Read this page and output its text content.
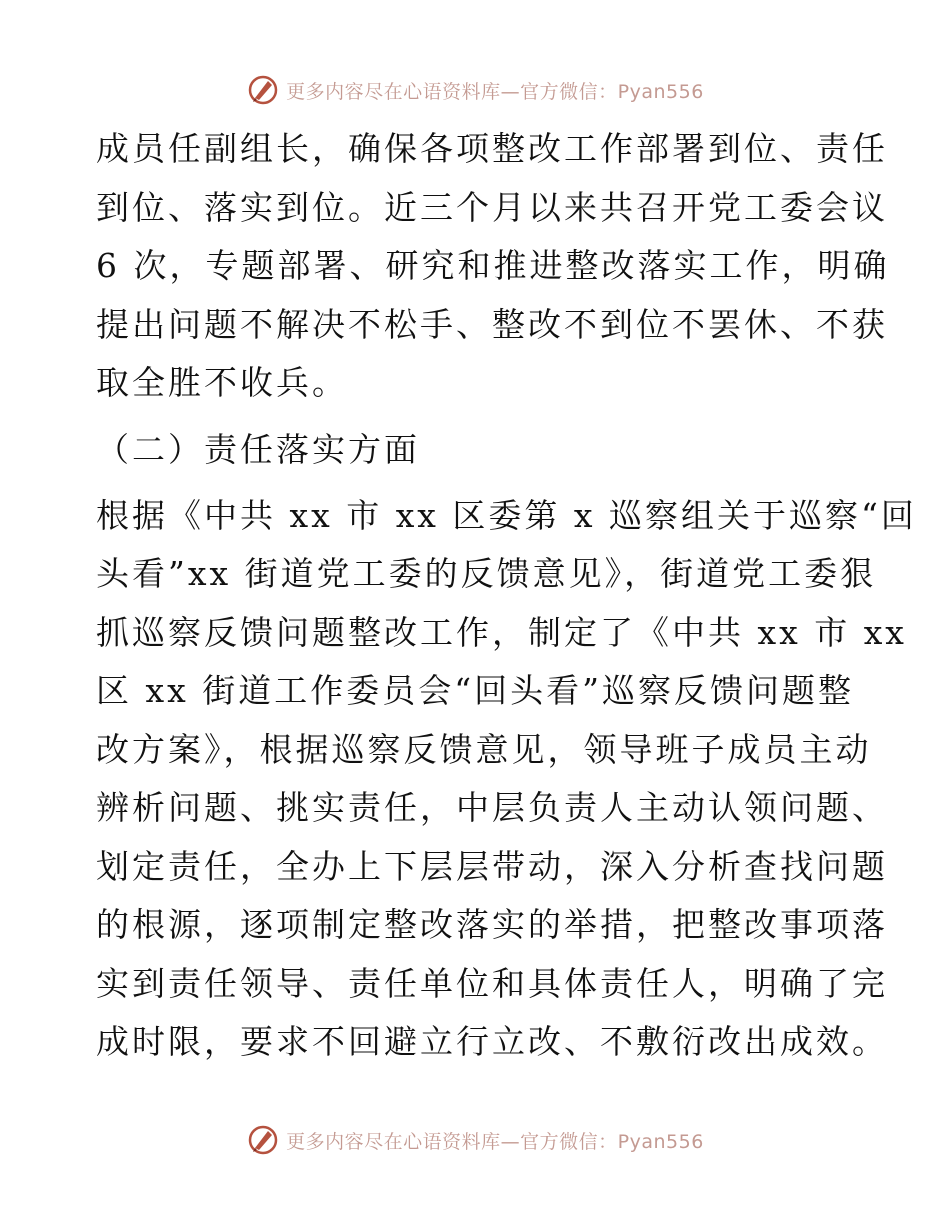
更多内容尽在心语资料库—官方微信：Pyan556
成员任副组长，确保各项整改工作部署到位、责任
到位、落实到位。近三个月以来共召开党工委会议
6 次，专题部署、研究和推进整改落实工作，明确
提出问题不解决不松手、整改不到位不罢休、不获
取全胜不收兵。
（二）责任落实方面
根据《中共 xx 市 xx 区委第 x 巡察组关于巡察“回
头看”xx 街道党工委的反馈意见》，街道党工委狠
抓巡察反馈问题整改工作，制定了《中共 xx 市 xx
区 xx 街道工作委员会“回头看”巡察反馈问题整
改方案》，根据巡察反馈意见，领导班子成员主动
辨析问题、挑实责任，中层负责人主动认领问题、
划定责任，全办上下层层带动，深入分析查找问题
的根源，逐项制定整改落实的举措，把整改事项落
实到责任领导、责任单位和具体责任人，明确了完
成时限，要求不回避立行立改、不敷衍改出成效。
更多内容尽在心语资料库—官方微信：Pyan556
